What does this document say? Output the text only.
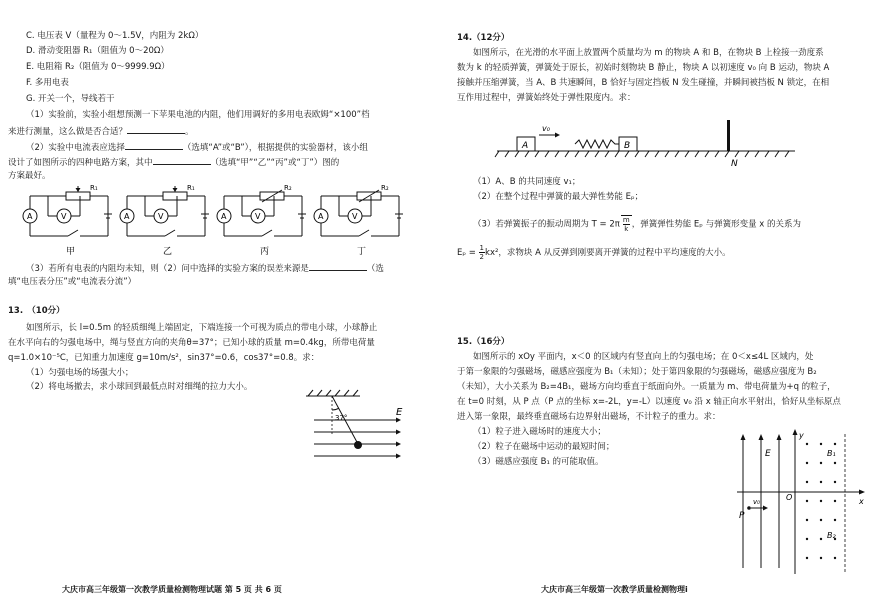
C. 电压表 V（量程为 0～1.5V，内阻为 2kΩ）
D. 滑动变阻器 R₁（阻值为 0～20Ω）
E. 电阻箱 R₂（阻值为 0～9999.9Ω）
F. 多用电表
G. 开关一个，导线若干
（1）实验前，实验小组想预测一下苹果电池的内阻，他们用调好的多用电表欧姆“×100”档
来进行测量，这么做是否合适？	。
（2）实验中电流表应选择	（选填“A”或“B”），根据提供的实验器材，该小组
设计了如图所示的四种电路方案，其中	（选填“甲”“乙”“丙”或“丁”）图的
方案最好。
R₁
A	V
甲
R₁
A	V
乙
R₂
A	V
丙
R₂
A	V
丁
（3）若所有电表的内阻均未知，则（2）问中选择的实验方案的误差来源是	（选
填“电压表分压”或“电流表分流”）
13.　（10分）
如图所示，长 l=0.5m 的轻质细绳上端固定，下端连接一个可视为质点的带电小球，小球静止
在水平向右的匀强电场中，绳与竖直方向的夹角θ=37°；已知小球的质量 m=0.4kg，所带电荷量
q=1.0×10⁻⁵C，已知重力加速度 g=10m/s²，sin37°=0.6，cos37°=0.8。求：
（1）匀强电场的场强大小；
（2）将电场撤去，求小球回到最低点时对细绳的拉力大小。
37°	E
大庆市高三年级第一次教学质量检测物理试题 第 5 页 共 6 页
14.（12分）
如图所示，在光滑的水平面上放置两个质量均为 m 的物块 A 和 B，在物块 B 上栓接一劲度系
数为 k 的轻质弹簧，弹簧处于原长，初始时刻物块 B 静止，物块 A 以初速度 v₀ 向 B 运动，物块 A
接触并压缩弹簧，当 A、B 共速瞬间，B 恰好与固定挡板 N 发生碰撞，并瞬间被挡板 N 锁定，在相
互作用过程中，弹簧始终处于弹性限度内。求：
A
v₀
B
N
（1）A、B 的共同速度 v₁；
（2）在整个过程中弹簧的最大弹性势能 Eₚ；
（3）若弹簧振子的振动周期为 $T = 2\pi \frac{m}{k}$ ，弹簧弹性势能 Eₚ 与弹簧形变量 x 的关系为
$E_p = \frac{1}{2} kx^2$，求物块 A 从反弹到刚要离开弹簧的过程中平均速度的大小。
15.（16分）
如图所示的 xOy 平面内，x＜0 的区域内有竖直向上的匀强电场；在 0＜x≤4L 区域内，处
于第一象限的匀强磁场，磁感应强度为 B₁（未知）；处于第四象限的匀强磁场，磁感应强度为 B₂
（未知），大小关系为 B₂=4B₁，磁场方向均垂直于纸面向外。一质量为 m、带电荷量为+q 的粒子，
在 t=0 时刻，从 P 点（P 点的坐标 x=-2L，y=-L）以速度 v₀ 沿 x 轴正向水平射出，恰好从坐标原点
进入第一象限，最终垂直磁场右边界射出磁场，不计粒子的重力。求：
（1）粒子进入磁场时的速度大小；
（2）粒子在磁场中运动的最短时间；
（3）磁感应强度 B₁ 的可能取值。
E
y
x
O
B₁
B₂
P
v₀
大庆市高三年级第一次教学质量检测物理i
